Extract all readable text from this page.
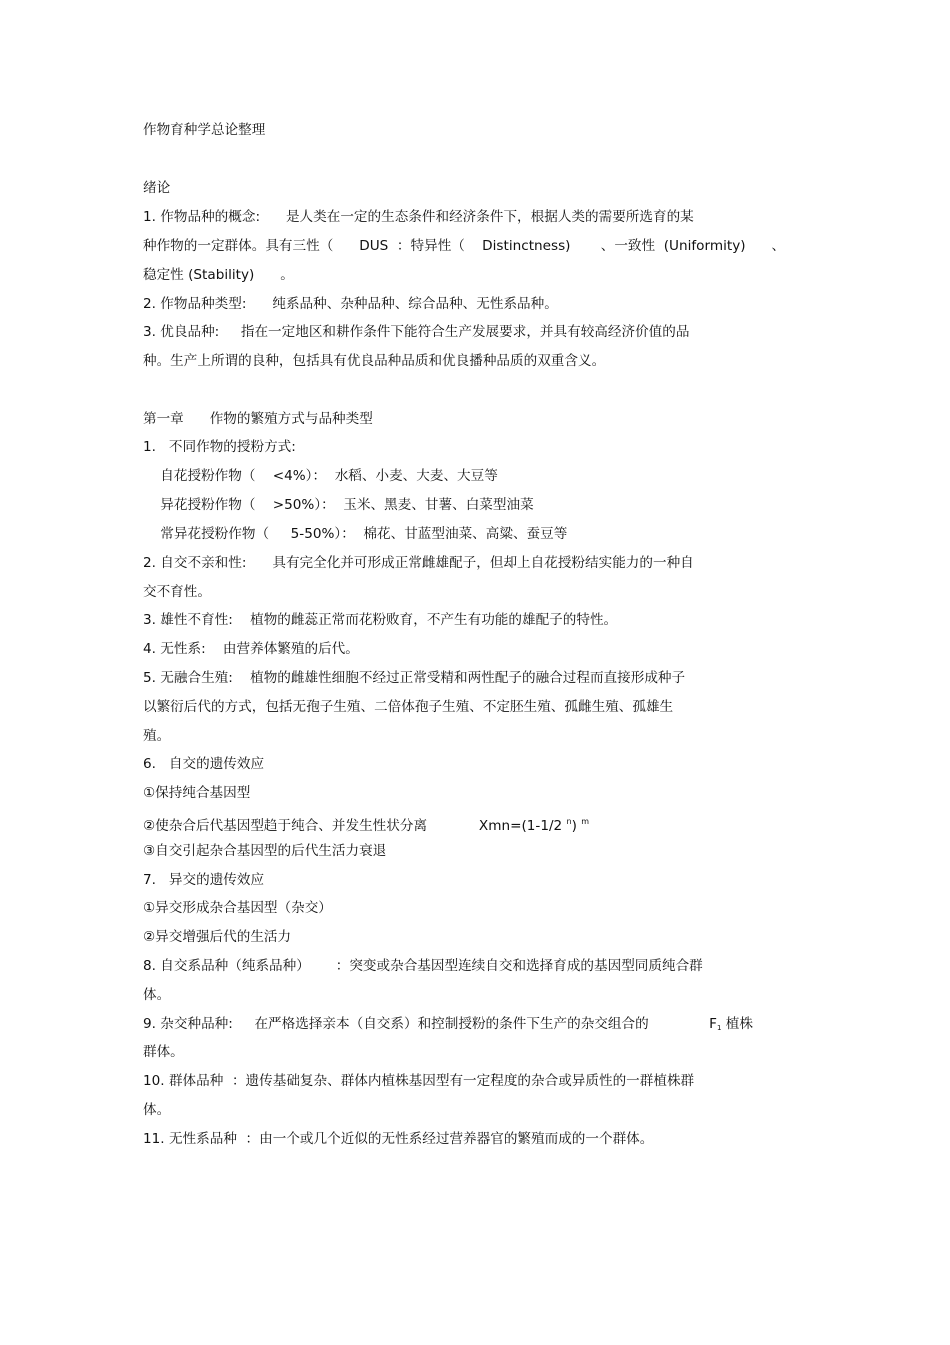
作物育种学总论整理
绪论
1. 作物品种的概念:      是人类在一定的生态条件和经济条件下，根据人类的需要所选育的某
种作物的一定群体。具有三性（      DUS  ：特异性（    Distinctness)       、一致性  (Uniformity)      、
稳定性 (Stability)      。
2. 作物品种类型:      纯系品种、杂种品种、综合品种、无性系品种。
3. 优良品种:     指在一定地区和耕作条件下能符合生产发展要求，并具有较高经济价值的品
种。生产上所谓的良种，包括具有优良品种品质和优良播种品质的双重含义。
第一章      作物的繁殖方式与品种类型
1.   不同作物的授粉方式:
自花授粉作物（    <4%）：  水稻、小麦、大麦、大豆等
异花授粉作物（    >50%）：  玉米、黑麦、甘薯、白菜型油菜
常异花授粉作物（     5-50%）：  棉花、甘蓝型油菜、高粱、蚕豆等
2. 自交不亲和性:      具有完全化并可形成正常雌雄配子，但却上自花授粉结实能力的一种自
交不育性。
3. 雄性不育性:    植物的雌蕊正常而花粉败育，不产生有功能的雄配子的特性。
4. 无性系:    由营养体繁殖的后代。
5. 无融合生殖:    植物的雌雄性细胞不经过正常受精和两性配子的融合过程而直接形成种子
以繁衍后代的方式，包括无孢子生殖、二倍体孢子生殖、不定胚生殖、孤雌生殖、孤雄生
殖。
6.   自交的遗传效应
①保持纯合基因型
②使杂合后代基因型趋于纯合、并发生性状分离            Xmn=(1-1/2 $^n$) $^m$
③自交引起杂合基因型的后代生活力衰退
7.   异交的遗传效应
①异交形成杂合基因型（杂交）
②异交增强后代的生活力
8. 自交系品种（纯系品种）      ：突变或杂合基因型连续自交和选择育成的基因型同质纯合群
体。
9. 杂交种品种:     在严格选择亲本（自交系）和控制授粉的条件下生产的杂交组合的              $F_1$ 植株
群体。
10. 群体品种  ：遗传基础复杂、群体内植株基因型有一定程度的杂合或异质性的一群植株群
体。
11. 无性系品种  ：由一个或几个近似的无性系经过营养器官的繁殖而成的一个群体。
